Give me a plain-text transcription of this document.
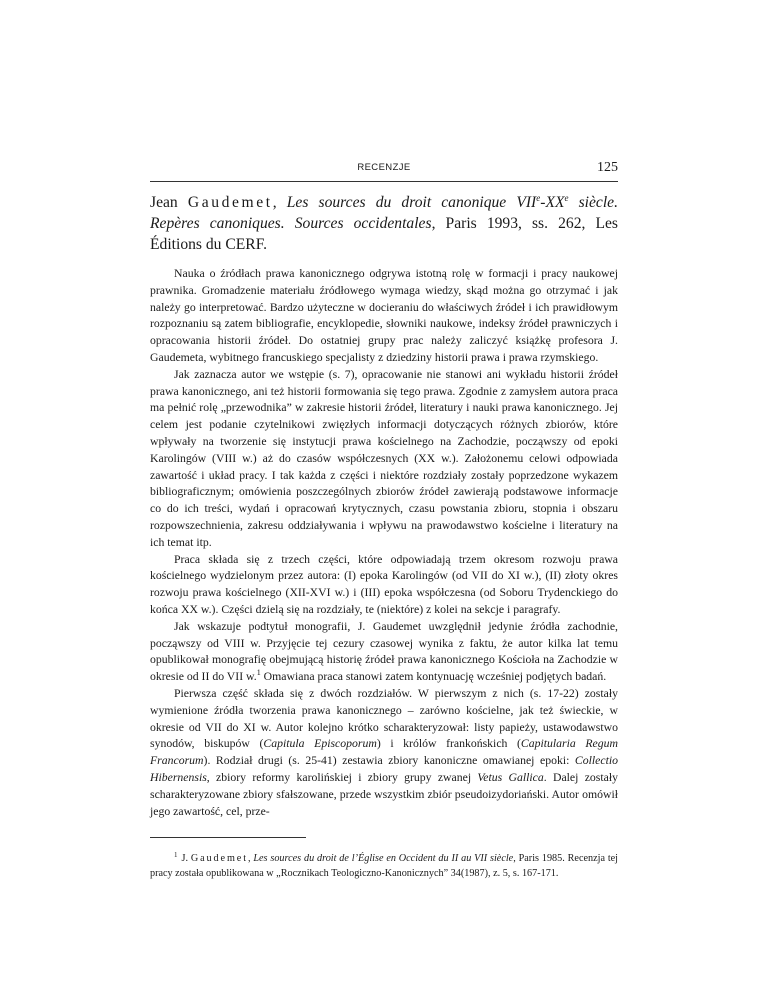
RECENZJE	125
Jean Gaudemet, Les sources du droit canonique VIIe-XXe siècle. Repères canoniques. Sources occidentales, Paris 1993, ss. 262, Les Éditions du CERF.

Nauka o źródłach prawa kanonicznego odgrywa istotną rolę w formacji i pracy naukowej prawnika. Gromadzenie materiału źródłowego wymaga wiedzy, skąd można go otrzymać i jak należy go interpretować. Bardzo użyteczne w docieraniu do właściwych źródeł i ich prawidłowym rozpoznaniu są zatem bibliografie, encyklopedie, słowniki naukowe, indeksy źródeł prawniczych i opracowania historii źródeł. Do ostatniej grupy prac należy zaliczyć książkę profesora J. Gaudemeta, wybitnego francuskiego specjalisty z dziedziny historii prawa i prawa rzymskiego.

Jak zaznacza autor we wstępie (s. 7), opracowanie nie stanowi ani wykładu historii źródeł prawa kanonicznego, ani też historii formowania się tego prawa. Zgodnie z zamysłem autora praca ma pełnić rolę „przewodnika” w zakresie historii źródeł, literatury i nauki prawa kanonicznego. Jej celem jest podanie czytelnikowi zwięzłych informacji dotyczących różnych zbiorów, które wpływały na tworzenie się instytucji prawa kościelnego na Zachodzie, począwszy od epoki Karolingów (VIII w.) aż do czasów współczesnych (XX w.). Założonemu celowi odpowiada zawartość i układ pracy. I tak każda z części i niektóre rozdziały zostały poprzedzone wykazem bibliograficznym; omówienia poszczególnych zbiorów źródeł zawierają podstawowe informacje co do ich treści, wydań i opracowań krytycznych, czasu powstania zbioru, stopnia i obszaru rozpowszechnienia, zakresu oddziaływania i wpływu na prawodawstwo kościelne i literatury na ich temat itp.

Praca składa się z trzech części, które odpowiadają trzem okresom rozwoju prawa kościelnego wydzielonym przez autora: (I) epoka Karolingów (od VII do XI w.), (II) złoty okres rozwoju prawa kościelnego (XII-XVI w.) i (III) epoka współczesna (od Soboru Trydenckiego do końca XX w.). Części dzielą się na rozdziały, te (niektóre) z kolei na sekcje i paragrafy.

Jak wskazuje podtytuł monografii, J. Gaudemet uwzględnił jedynie źródła zachodnie, począwszy od VIII w. Przyjęcie tej cezury czasowej wynika z faktu, że autor kilka lat temu opublikował monografię obejmującą historię źródeł prawa kanonicznego Kościoła na Zachodzie w okresie od II do VII w.$^1$ Omawiana praca stanowi zatem kontynuację wcześniej podjętych badań.

Pierwsza część składa się z dwóch rozdziałów. W pierwszym z nich (s. 17-22) zostały wymienione źródła tworzenia prawa kanonicznego – zarówno kościelne, jak też świeckie, w okresie od VII do XI w. Autor kolejno krótko scharakteryzował: listy papieży, ustawodawstwo synodów, biskupów (Capitula Episcoporum) i królów frankońskich (Capitularia Regum Francorum). Rodział drugi (s. 25-41) zestawia zbiory kanoniczne omawianej epoki: Collectio Hibernensis, zbiory reformy karolińskiej i zbiory grupy zwanej Vetus Gallica. Dalej zostały scharakteryzowane zbiory sfałszowane, przede wszystkim zbiór pseudoizydoriański. Autor omówił jego zawartość, cel, prze-

$^1$ J. Gaudemet, Les sources du droit de l’Église en Occident du II au VII siècle, Paris 1985. Recenzja tej pracy została opublikowana w „Rocznikach Teologiczno-Kanonicznych” 34(1987), z. 5, s. 167-171.
